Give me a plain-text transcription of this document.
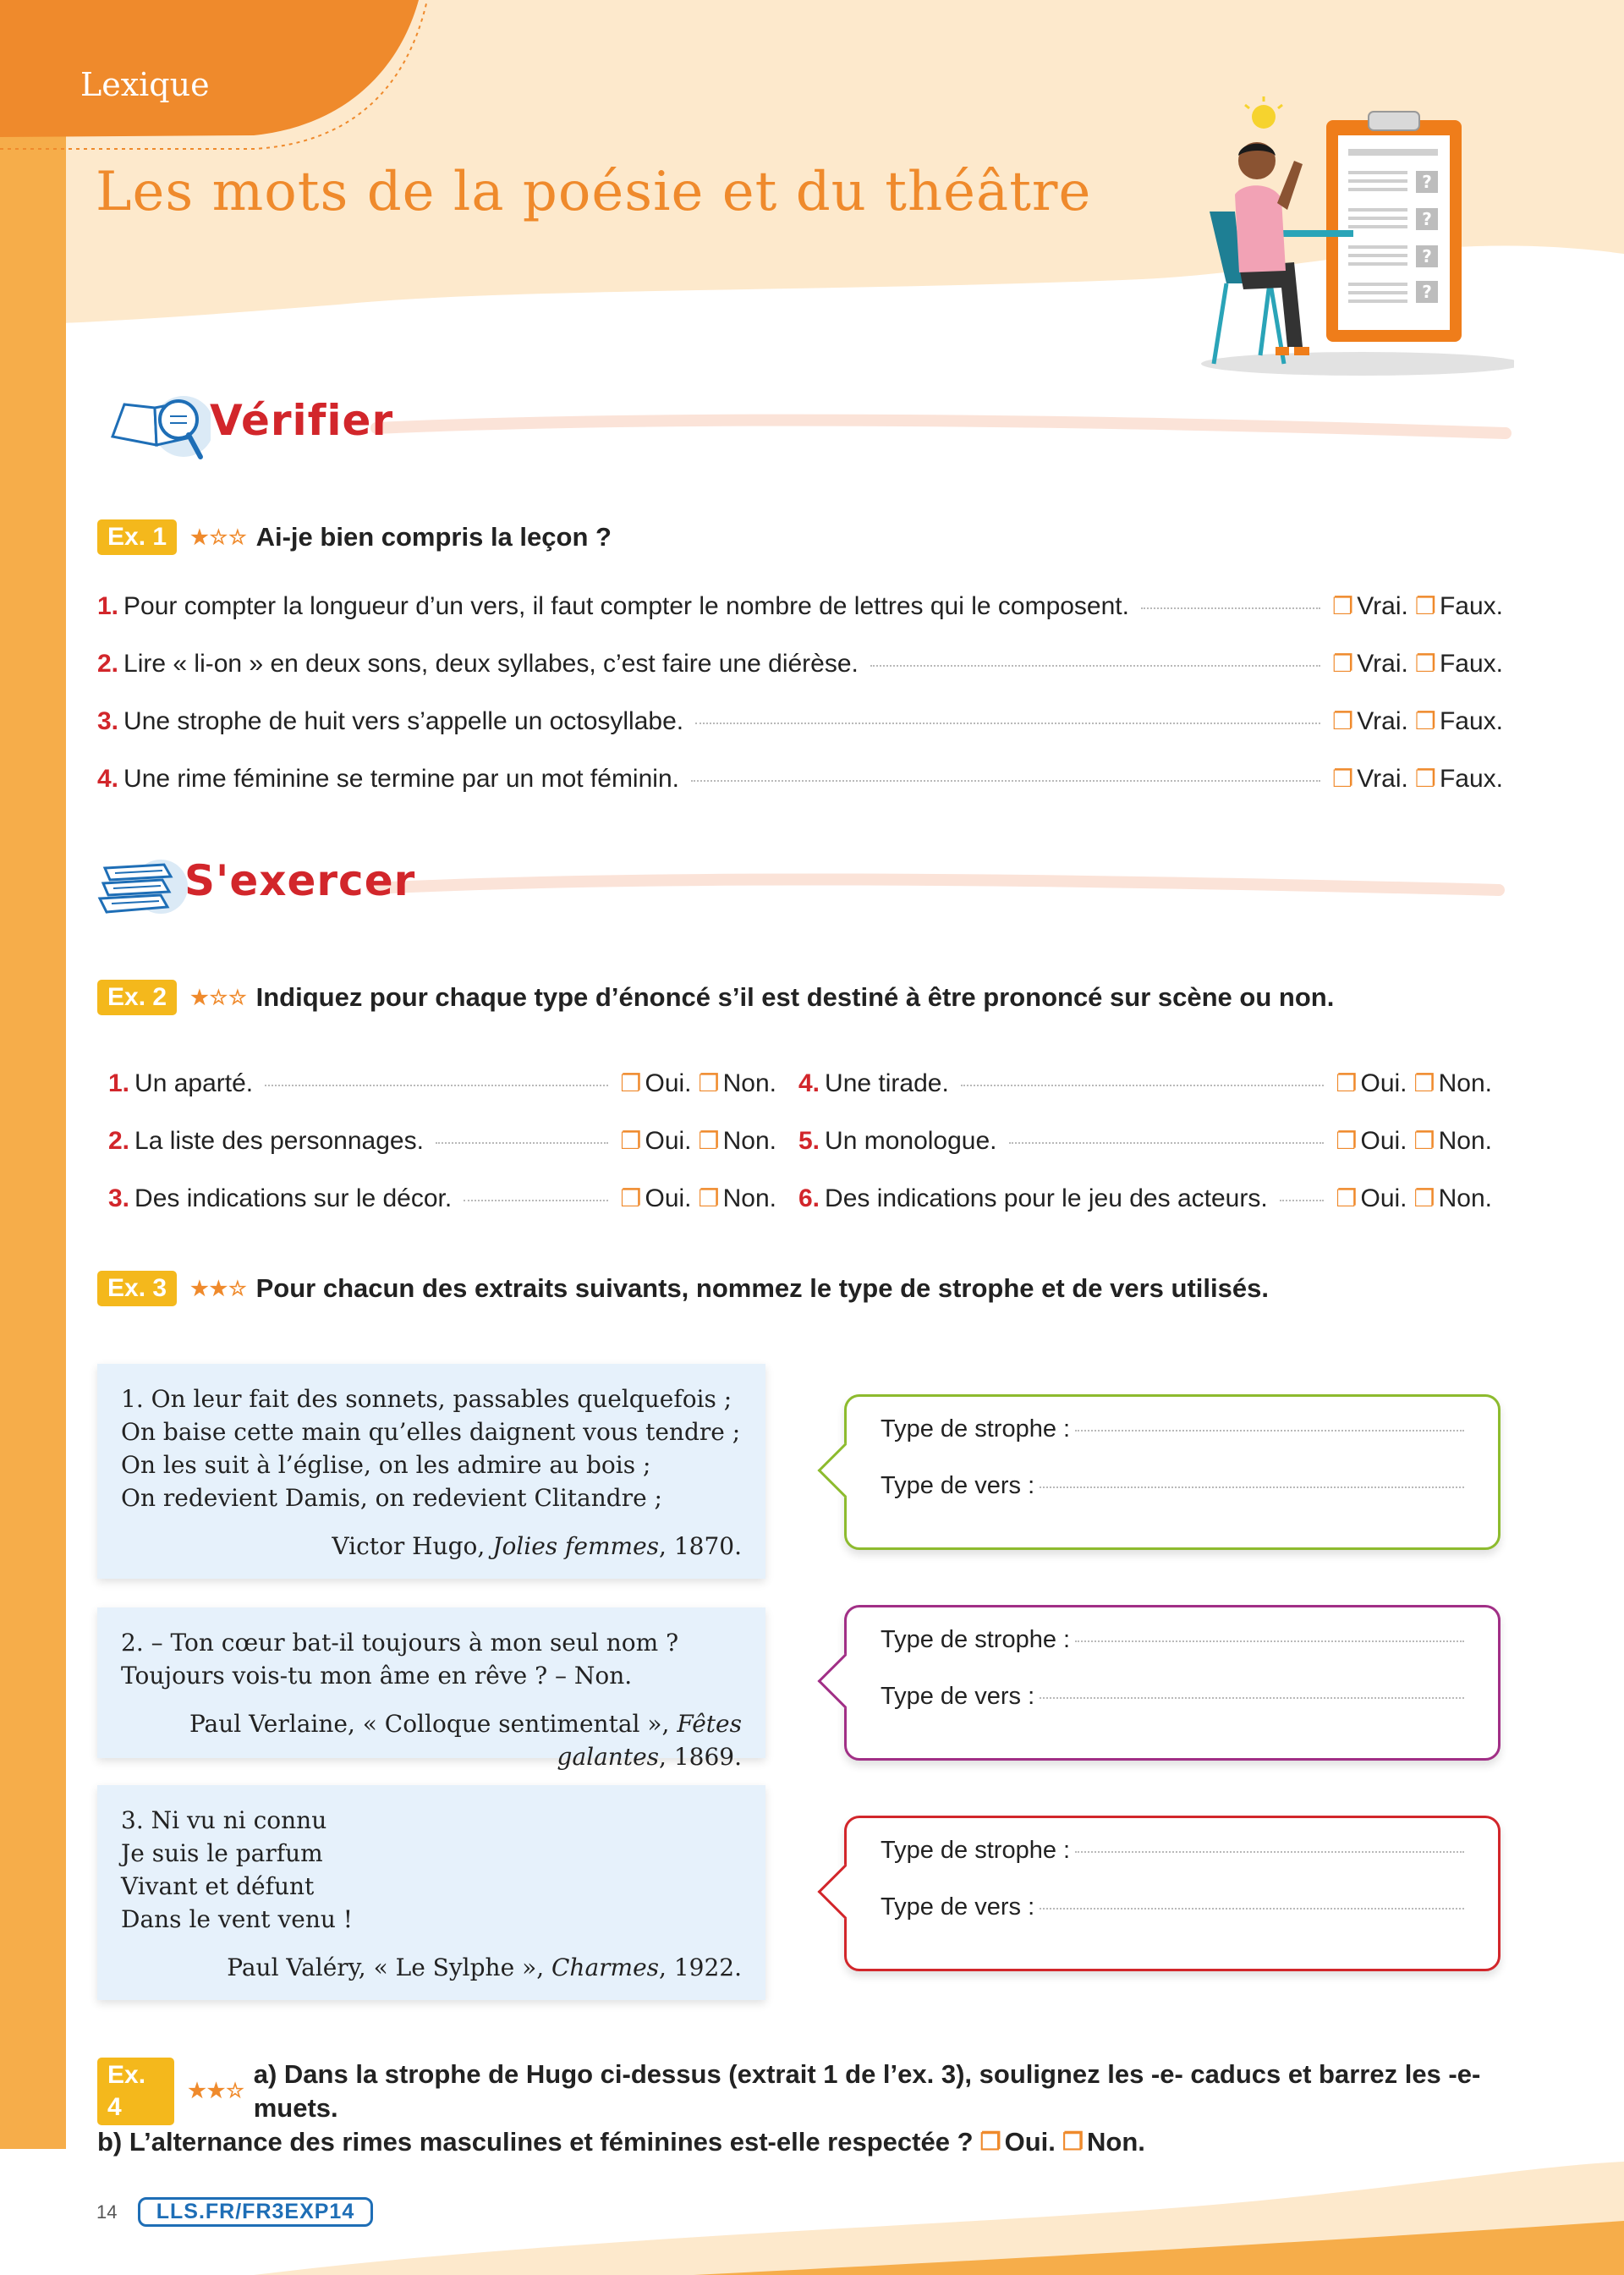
Lexique
Les mots de la poésie et du théâtre	?
?
?
?
Vérifier
Ex. 1	★☆☆ Ai-je bien compris la leçon ?
1. Pour compter la longueur d’un vers, il faut compter le nombre de lettres qui le composent.	❐ Vrai. ❐ Faux.
2. Lire « li-on » en deux sons, deux syllabes, c’est faire une diérèse.	❐ Vrai. ❐ Faux.
3. Une strophe de huit vers s’appelle un octosyllabe.	❐ Vrai. ❐ Faux.
4. Une rime féminine se termine par un mot féminin.	❐ Vrai. ❐ Faux.
S'exercer
Ex. 2	★☆☆ Indiquez pour chaque type d’énoncé s’il est destiné à être prononcé sur scène ou non.
1. Un aparté.	❐ Oui. ❐ Non.
2. La liste des personnages.	❐ Oui. ❐ Non.
3. Des indications sur le décor.	❐ Oui. ❐ Non.
4. Une tirade.	❐ Oui. ❐ Non.
5. Un monologue.	❐ Oui. ❐ Non.
6. Des indications pour le jeu des acteurs.	❐ Oui. ❐ Non.
Ex. 3	★★☆ Pour chacun des extraits suivants, nommez le type de strophe et de vers utilisés.
1. On leur fait des sonnets, passables quelquefois ;
On baise cette main qu’elles daignent vous tendre ;
On les suit à l’église, on les admire au bois ;
On redevient Damis, on redevient Clitandre ;
Victor Hugo, Jolies femmes, 1870.
Type de strophe :
Type de vers :
2. – Ton cœur bat-il toujours à mon seul nom ?
Toujours vois-tu mon âme en rêve ? – Non.
Paul Verlaine, « Colloque sentimental », Fêtes galantes, 1869.
Type de strophe :
Type de vers :
3. Ni vu ni connu
Je suis le parfum
Vivant et défunt
Dans le vent venu !
Paul Valéry, « Le Sylphe », Charmes, 1922.
Type de strophe :
Type de vers :
Ex. 4
★★☆
a) Dans la strophe de Hugo ci-dessus (extrait 1 de l’ex. 3), soulignez les -e- caducs et barrez les -e- muets.
b) L’alternance des rimes masculines et féminines est-elle respectée ? ❐ Oui. ❐ Non.
14	LLS.FR/FR3EXP14
